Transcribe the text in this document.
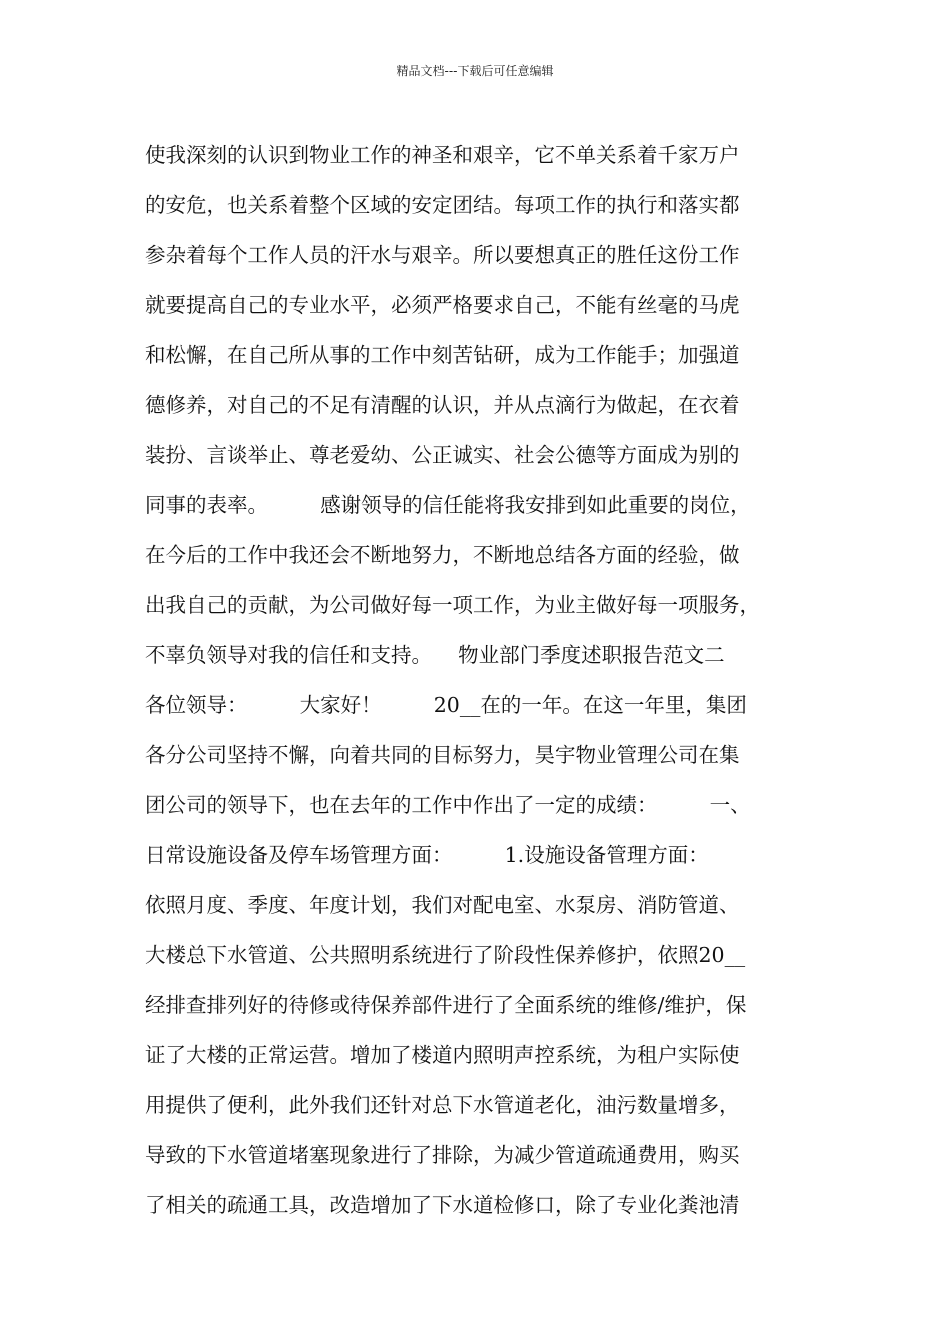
精品文档---下载后可任意编辑
使我深刻的认识到物业工作的神圣和艰辛，它不单关系着千家万户
的安危，也关系着整个区域的安定团结。每项工作的执行和落实都
参杂着每个工作人员的汗水与艰辛。所以要想真正的胜任这份工作
就要提高自己的专业水平，必须严格要求自己，不能有丝毫的马虎
和松懈，在自己所从事的工作中刻苦钻研，成为工作能手；加强道
德修养，对自己的不足有清醒的认识，并从点滴行为做起，在衣着
装扮、言谈举止、尊老爱幼、公正诚实、社会公德等方面成为别的
同事的表率。        感谢领导的信任能将我安排到如此重要的岗位，
在今后的工作中我还会不断地努力，不断地总结各方面的经验，做
出我自己的贡献，为公司做好每一项工作，为业主做好每一项服务，
不辜负领导对我的信任和支持。    物业部门季度述职报告范文二
各位领导：        大家好！        20__在的一年。在这一年里，集团
各分公司坚持不懈，向着共同的目标努力，昊宇物业管理公司在集
团公司的领导下，也在去年的工作中作出了一定的成绩：        一、
日常设施设备及停车场管理方面：        1.设施设备管理方面：
依照月度、季度、年度计划，我们对配电室、水泵房、消防管道、
大楼总下水管道、公共照明系统进行了阶段性保养修护，依照20__
经排查排列好的待修或待保养部件进行了全面系统的维修/维护，保
证了大楼的正常运营。增加了楼道内照明声控系统，为租户实际使
用提供了便利，此外我们还针对总下水管道老化，油污数量增多，
导致的下水管道堵塞现象进行了排除，为减少管道疏通费用，购买
了相关的疏通工具，改造增加了下水道检修口，除了专业化粪池清
